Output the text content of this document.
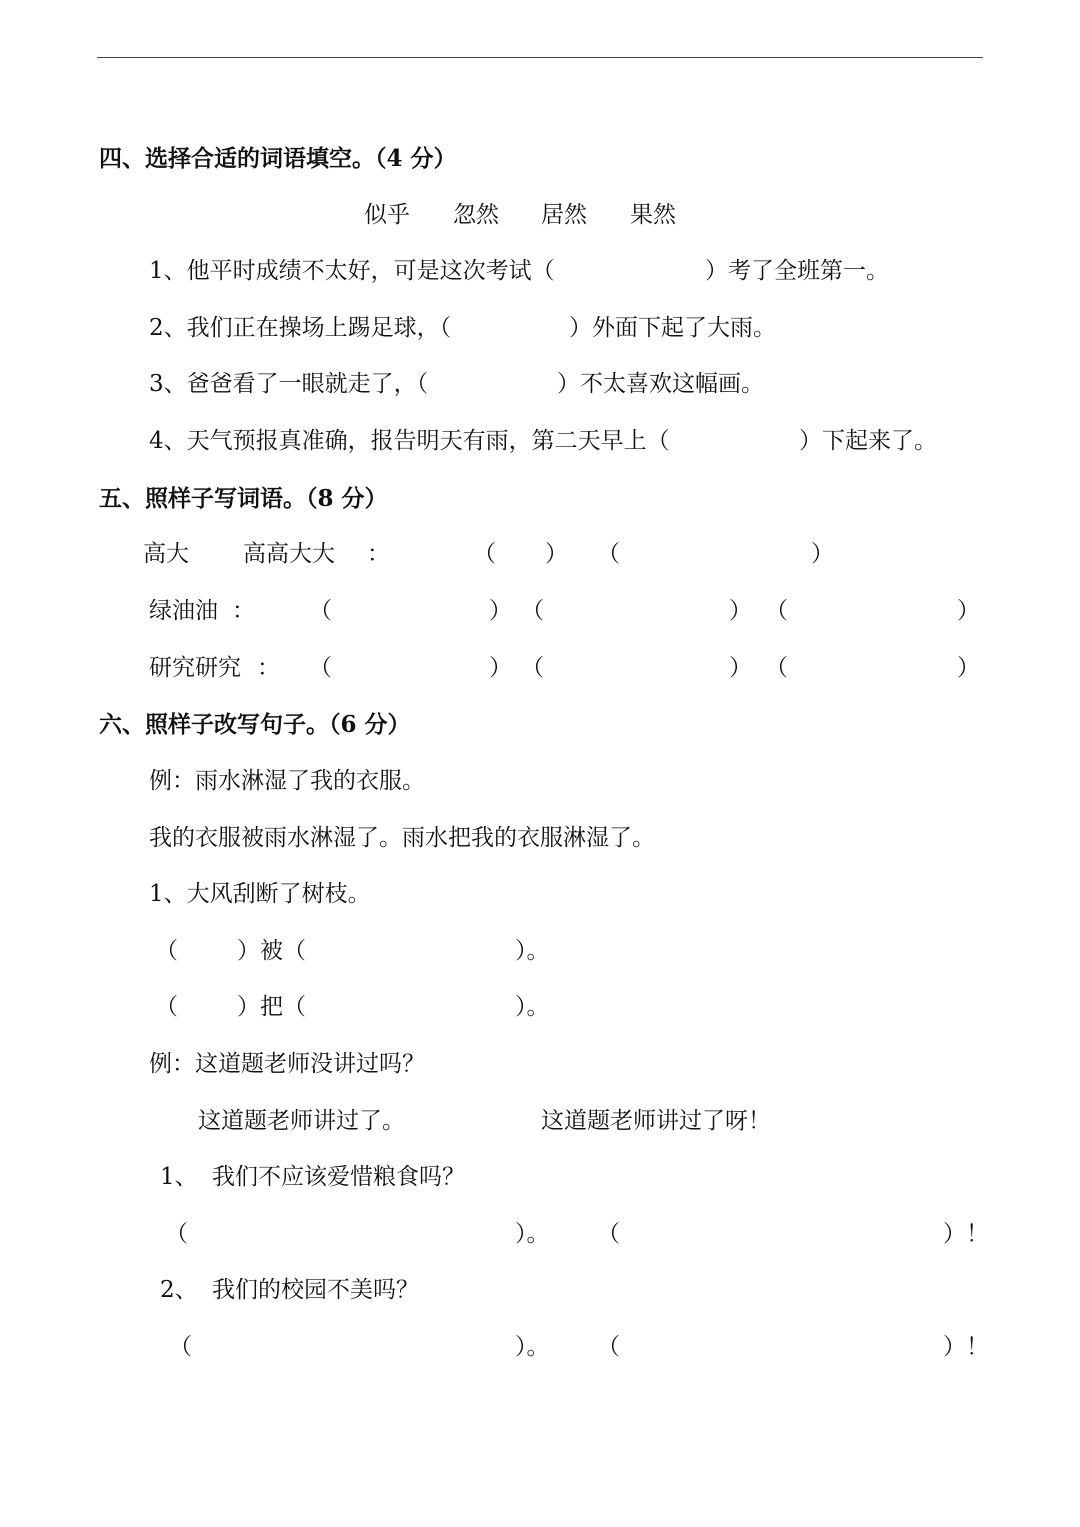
四、选择合适的词语填空。（4 分）
似乎 忽然 居然 果然
1、他平时成绩不太好，可是这次考试（	）考了全班第一。
2、我们正在操场上踢足球，（	）外面下起了大雨。
3、爸爸看了一眼就走了，（	）不太喜欢这幅画。
4、天气预报真准确，报告明天有雨，第二天早上（	）下起来了。
五、照样子写词语。（8 分）
高大 高高大大 ：	（ ） （	）
绿油油 ： （	） （	） （	）
研究研究 ： （	） （	） （	）
六、照样子改写句子。（6 分）
例：雨水淋湿了我的衣服。
我的衣服被雨水淋湿了。雨水把我的衣服淋湿了。
1、大风刮断了树枝。
（	）被（	）。
（	）把（	）。
例：这道题老师没讲过吗？
这道题老师讲过了。	这道题老师讲过了呀！
1、 我们不应该爱惜粮食吗？
（	）。 （	）！
2、 我们的校园不美吗？
（	）。 （	）！
